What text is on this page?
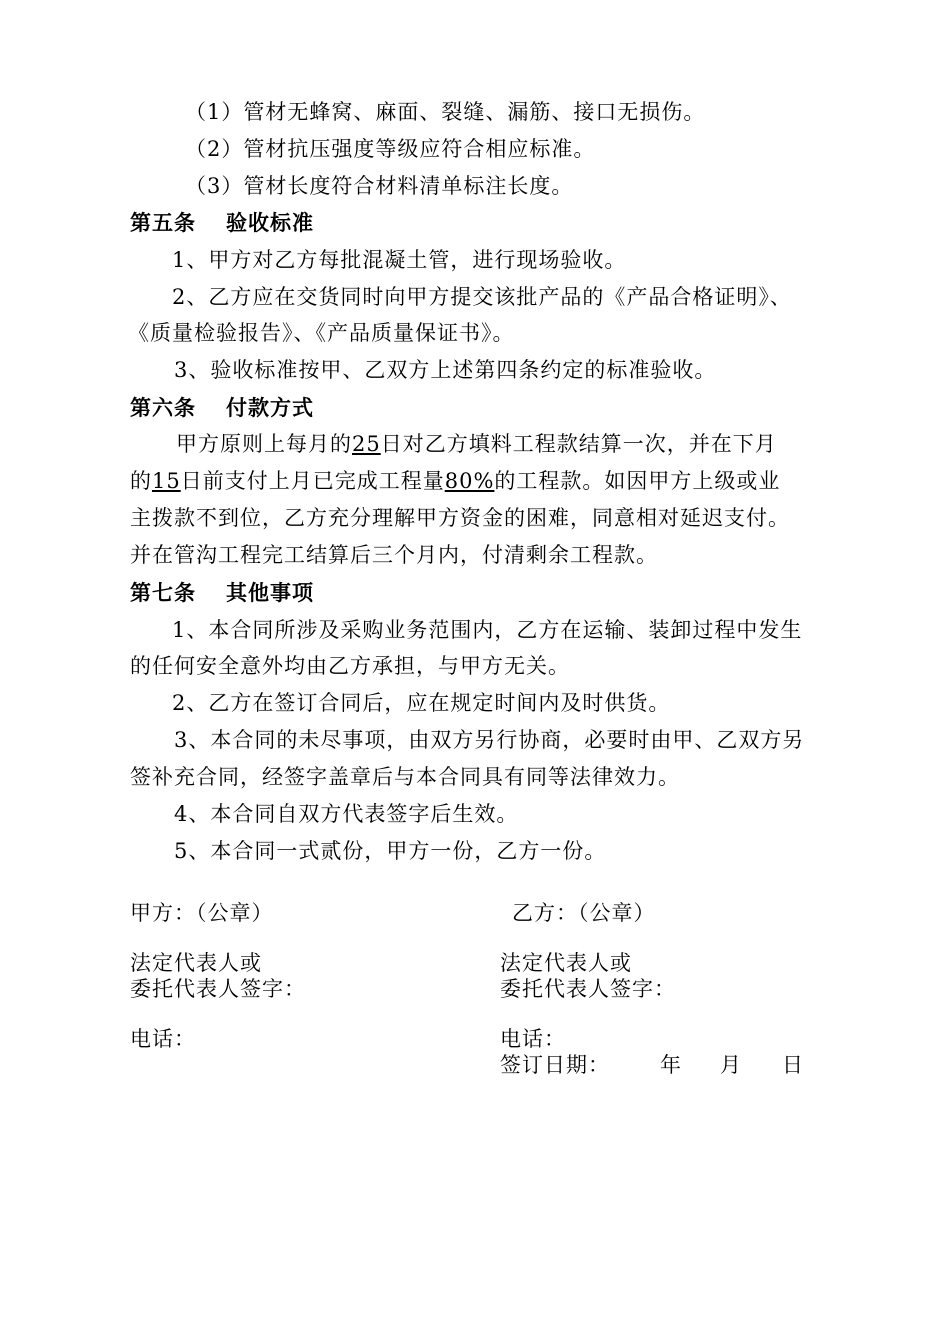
（1）管材无蜂窝、麻面、裂缝、漏筋、接口无损伤。
（2）管材抗压强度等级应符合相应标准。
（3）管材长度符合材料清单标注长度。
第五条 验收标准
1、甲方对乙方每批混凝土管，进行现场验收。
2、乙方应在交货同时向甲方提交该批产品的《产品合格证明》、
《质量检验报告》、《产品质量保证书》。
3、验收标准按甲、乙双方上述第四条约定的标准验收。
第六条 付款方式
甲方原则上每月的25日对乙方填料工程款结算一次，并在下月
的15日前支付上月已完成工程量80%的工程款。如因甲方上级或业
主拨款不到位，乙方充分理解甲方资金的困难，同意相对延迟支付。
并在管沟工程完工结算后三个月内，付清剩余工程款。
第七条 其他事项
1、本合同所涉及采购业务范围内，乙方在运输、装卸过程中发生
的任何安全意外均由乙方承担，与甲方无关。
2、乙方在签订合同后，应在规定时间内及时供货。
3、本合同的未尽事项，由双方另行协商，必要时由甲、乙双方另
签补充合同，经签字盖章后与本合同具有同等法律效力。
4、本合同自双方代表签字后生效。
5、本合同一式贰份，甲方一份，乙方一份。
甲方：（公章）	乙方：（公章）
法定代表人或
委托代表人签字：
法定代表人或
委托代表人签字：
电话：	电话：
签订日期： 年 月 日
